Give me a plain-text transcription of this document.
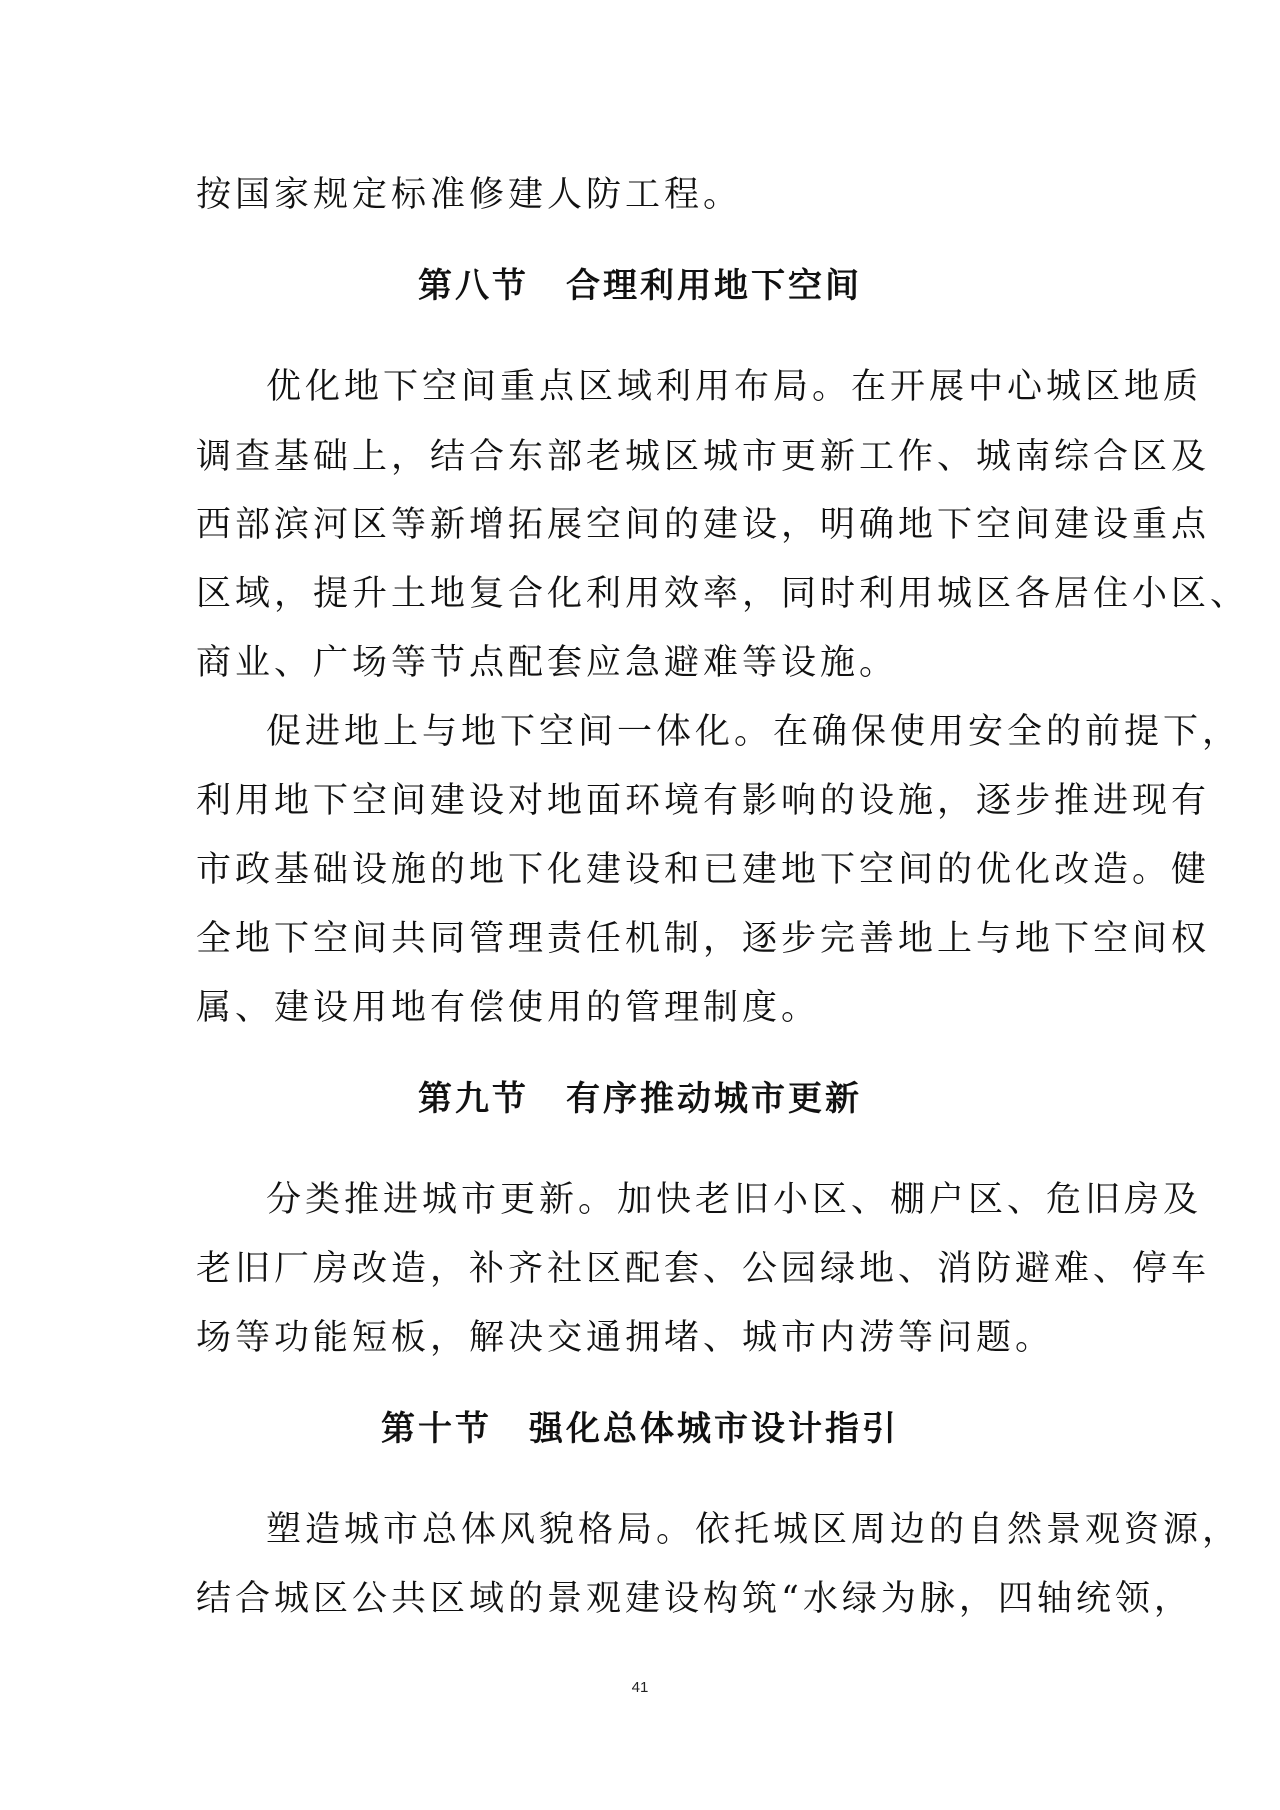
按国家规定标准修建人防工程。
第八节　合理利用地下空间
优化地下空间重点区域利用布局。在开展中心城区地质
调查基础上，结合东部老城区城市更新工作、城南综合区及
西部滨河区等新增拓展空间的建设，明确地下空间建设重点
区域，提升土地复合化利用效率，同时利用城区各居住小区、
商业、广场等节点配套应急避难等设施。
促进地上与地下空间一体化。在确保使用安全的前提下，
利用地下空间建设对地面环境有影响的设施，逐步推进现有
市政基础设施的地下化建设和已建地下空间的优化改造。健
全地下空间共同管理责任机制，逐步完善地上与地下空间权
属、建设用地有偿使用的管理制度。
第九节　有序推动城市更新
分类推进城市更新。加快老旧小区、棚户区、危旧房及
老旧厂房改造，补齐社区配套、公园绿地、消防避难、停车
场等功能短板，解决交通拥堵、城市内涝等问题。
第十节　强化总体城市设计指引
塑造城市总体风貌格局。依托城区周边的自然景观资源，
结合城区公共区域的景观建设构筑“水绿为脉，四轴统领，
41
